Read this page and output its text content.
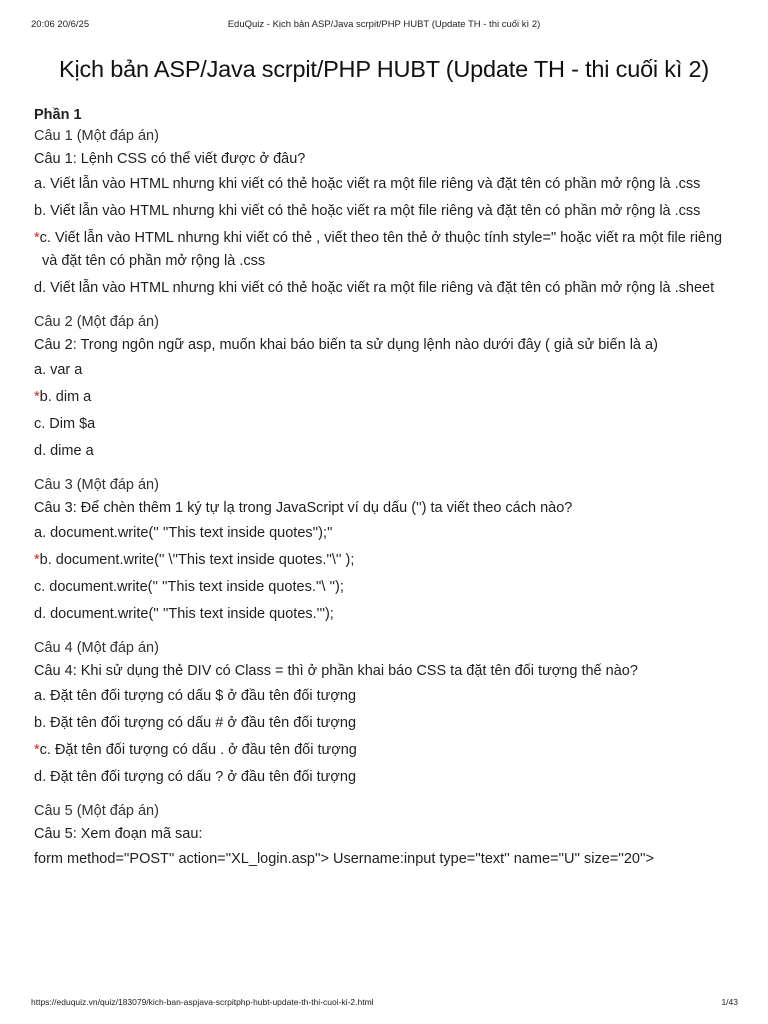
20:06 20/6/25	EduQuiz - Kịch bản ASP/Java scrpit/PHP HUBT (Update TH - thi cuối kì 2)
Kịch bản ASP/Java scrpit/PHP HUBT (Update TH - thi cuối kì 2)
Phần 1
Câu 1 (Một đáp án)
Câu 1: Lệnh CSS có thể viết được ở đâu?
a. Viết lẫn vào HTML nhưng khi viết có thẻ hoặc viết ra một file riêng và đặt tên có phần mở rộng là .css
b. Viết lẫn vào HTML nhưng khi viết có thẻ hoặc viết ra một file riêng và đặt tên có phần mở rộng là .css
*c. Viết lẫn vào HTML nhưng khi viết có thẻ , viết theo tên thẻ ở thuộc tính style=" hoặc viết ra một file riêng và đặt tên có phần mở rộng là .css
d. Viết lẫn vào HTML nhưng khi viết có thẻ hoặc viết ra một file riêng và đặt tên có phần mở rộng là .sheet
Câu 2 (Một đáp án)
Câu 2: Trong ngôn ngữ asp, muốn khai báo biến ta sử dụng lệnh nào dưới đây ( giả sử biến là a)
a. var a
*b. dim a
c. Dim $a
d. dime a
Câu 3 (Một đáp án)
Câu 3: Để chèn thêm 1 ký tự lạ trong JavaScript ví dụ dấu ('') ta viết theo cách nào?
a. document.write('' ''This text inside quotes'');''
*b. document.write('' \''This text inside quotes.''\'' );
c. document.write('' ''This text inside quotes.''\ '');
d. document.write('' ''This text inside quotes.''');
Câu 4 (Một đáp án)
Câu 4: Khi sử dụng thẻ DIV có Class = thì ở phần khai báo CSS ta đặt tên đối tượng thế nào?
a. Đặt tên đối tượng có dấu $ ở đầu tên đối tượng
b. Đặt tên đối tượng có dấu # ở đầu tên đối tượng
*c. Đặt tên đối tượng có dấu . ở đầu tên đối tượng
d. Đặt tên đối tượng có dấu ? ở đầu tên đối tượng
Câu 5 (Một đáp án)
Câu 5: Xem đoạn mã sau:
form method=''POST'' action=''XL_login.asp''> Username:input type=''text'' name=''U'' size=''20''>
https://eduquiz.vn/quiz/183079/kich-ban-aspjava-scrpitphp-hubt-update-th-thi-cuoi-ki-2.html	1/43
